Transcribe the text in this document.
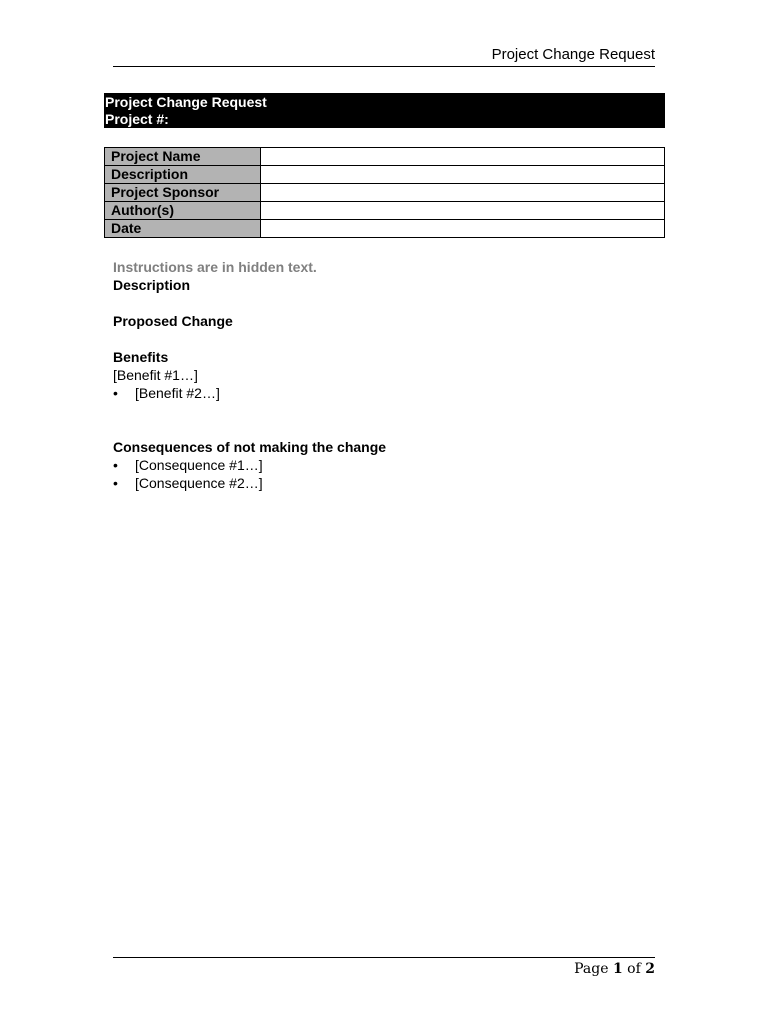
Project Change Request
Project Change Request
Project #:
Project Name	
Description	
Project Sponsor	
Author(s)	
Date	
Instructions are in hidden text.
Description
Proposed Change
Benefits
[Benefit #1…]
• [Benefit #2…]
Consequences of not making the change
• [Consequence #1…]
• [Consequence #2…]
Page 1 of 2
